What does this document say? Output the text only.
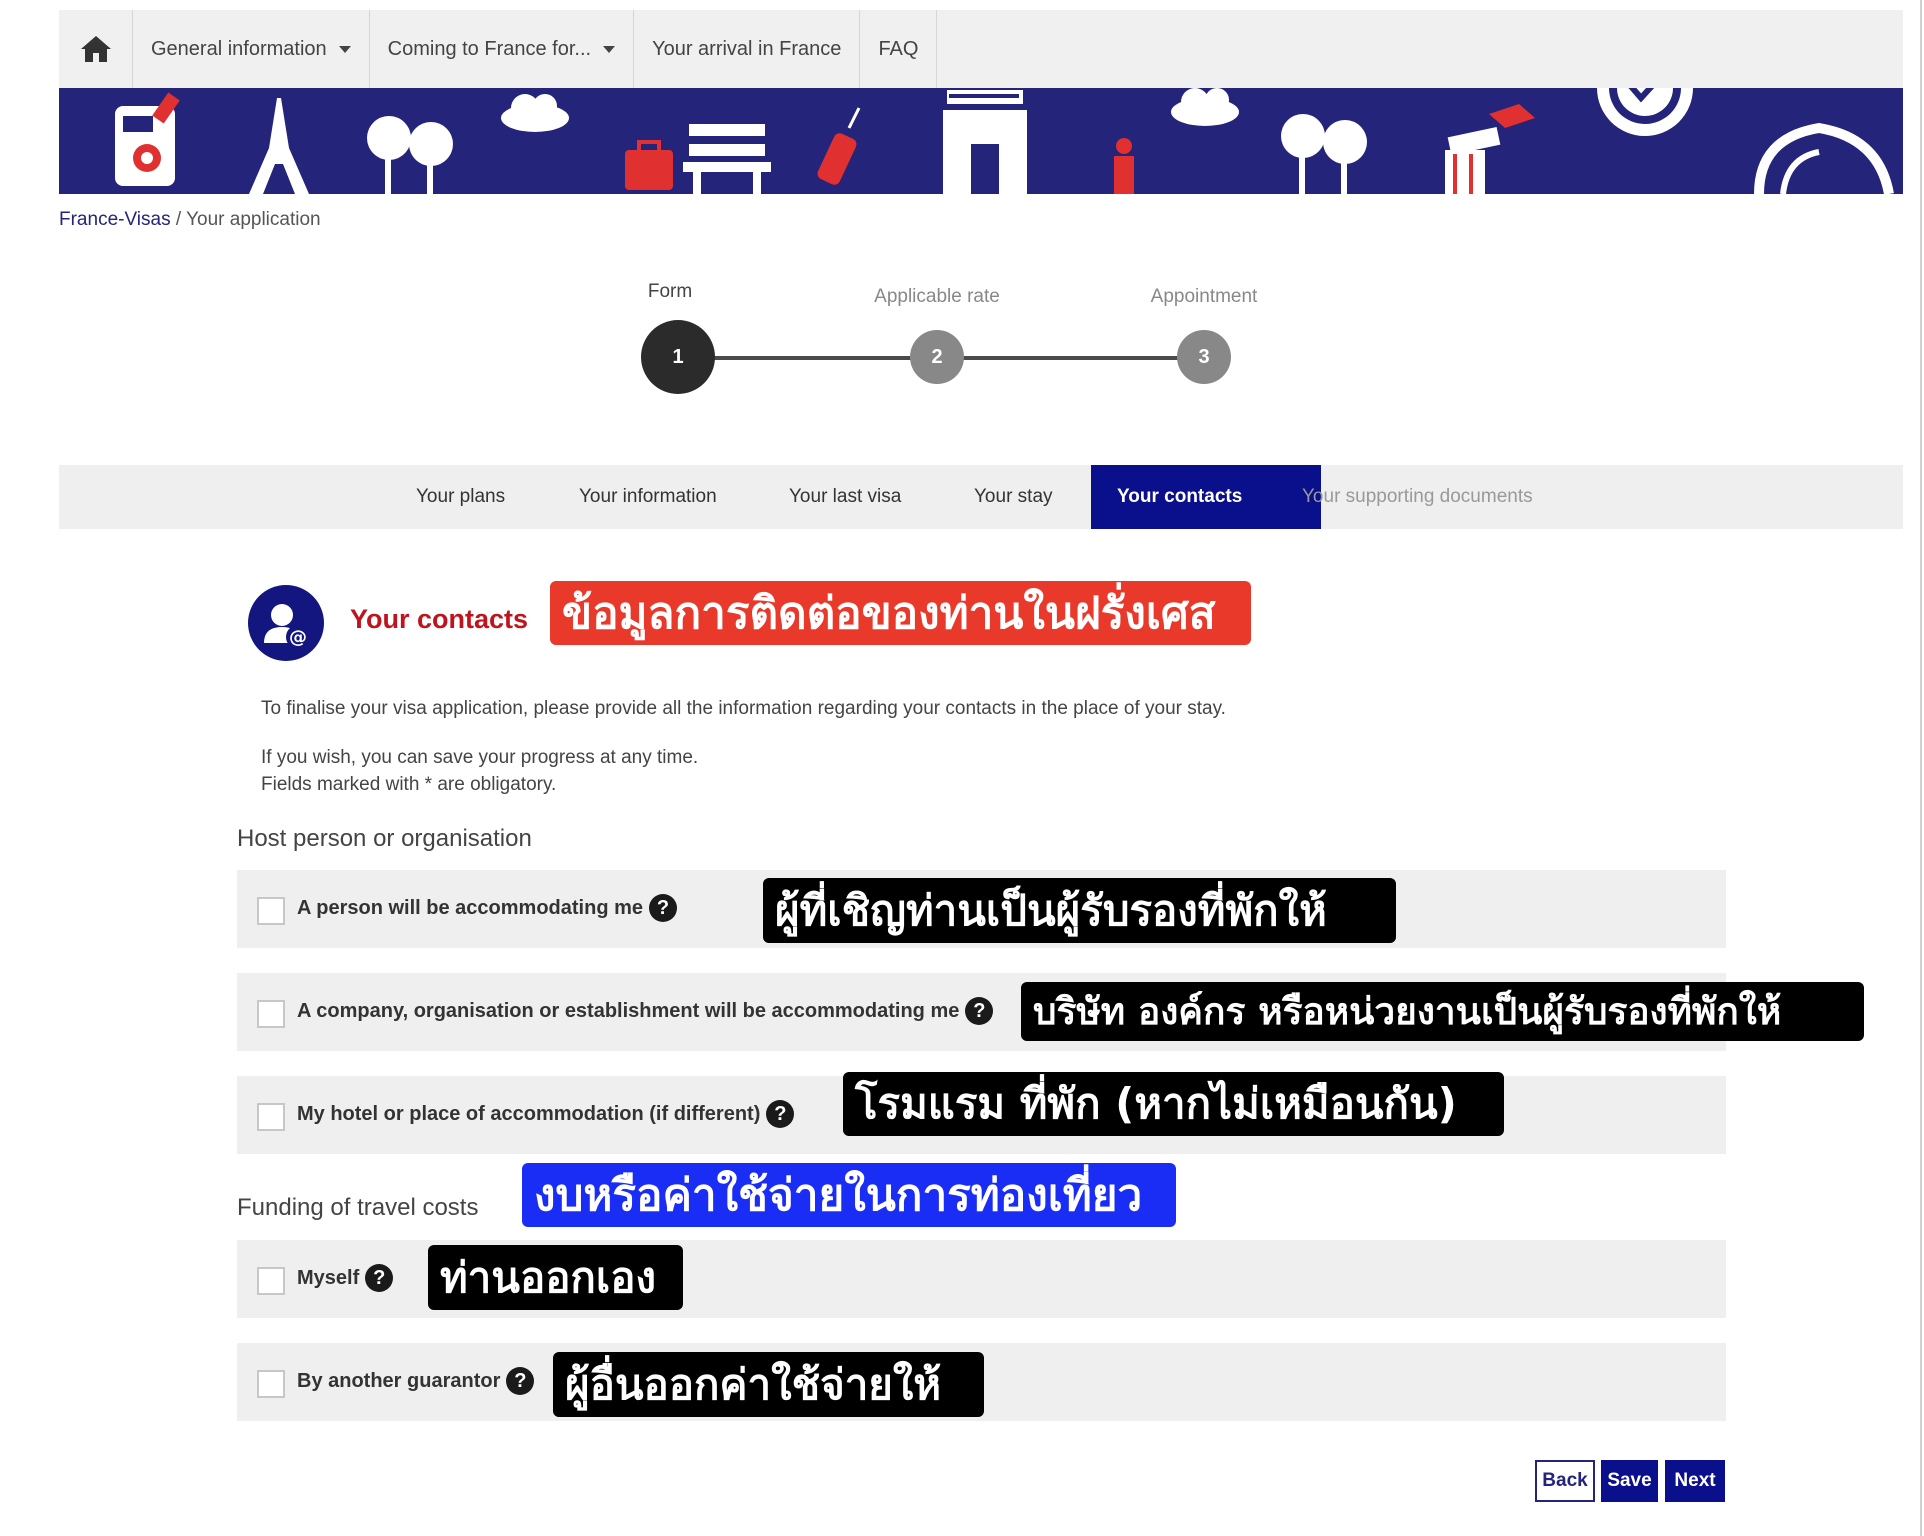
General information	Coming to France for...	Your arrival in France FAQ
France-Visas / Your application
Form	Applicable rate	Appointment
1	2	3
Your plans	Your information	Your last visa	Your stay	Your contacts	Your supporting documents
@
Your contacts ข้อมูลการติดต่อของท่านในฝรั่งเศส
To finalise your visa application, please provide all the information regarding your contacts in the place of your stay.
If you wish, you can save your progress at any time.
Fields marked with * are obligatory.
Host person or organisation
A person will be accommodating me ?	ผู้ที่เชิญท่านเป็นผู้รับรองที่พักให้
A company, organisation or establishment will be accommodating me ?	บริษัท องค์กร หรือหน่วยงานเป็นผู้รับรองที่พักให้
My hotel or place of accommodation (if different) ? โรมแรม ที่พัก (หากไม่เหมือนกัน)
Funding of travel costs งบหรือค่าใช้จ่ายในการท่องเที่ยว
Myself ? ท่านออกเอง
By another guarantor ? ผู้อื่นออกค่าใช้จ่ายให้
Back	Save	Next
